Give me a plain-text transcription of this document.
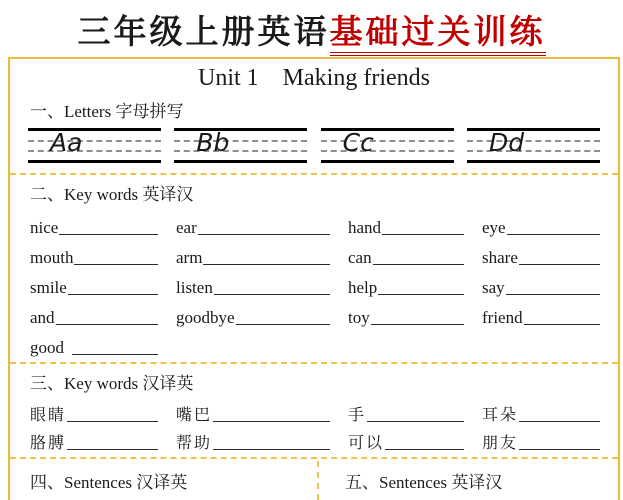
三年级上册英语基础过关训练
Unit 1 Making friends
一、Letters 字母拼写
Aa	Bb	Cc	Dd
二、Key words 英译汉
nice	ear	hand	eye
mouth	arm	can	share
smile	listen	help	say
and	goodbye	toy	friend
good
三、Key words 汉译英
眼睛	嘴巴	手	耳朵
胳膊	帮助	可以	朋友
四、Sentences 汉译英	五、Sentences 英译汉
